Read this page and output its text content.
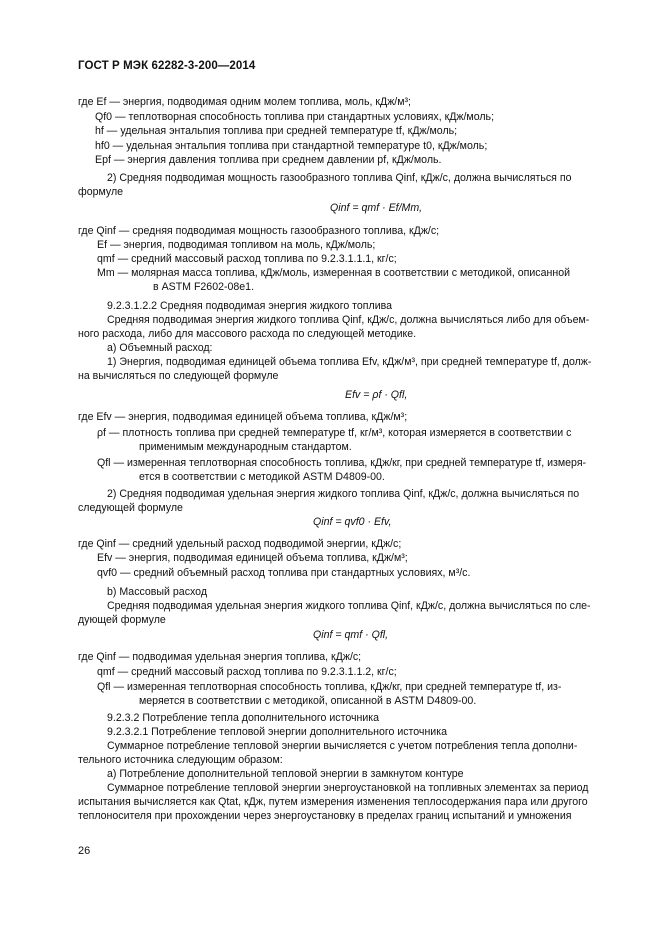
ГОСТ Р МЭК 62282-3-200—2014
где Ef — энергия, подводимая одним молем топлива, моль, кДж/м³;
Qf0 — теплотворная способность топлива при стандартных условиях, кДж/моль;
hf — удельная энтальпия топлива при средней температуре tf, кДж/моль;
hf0 — удельная энтальпия топлива при стандартной температуре t0, кДж/моль;
Epf — энергия давления топлива при среднем давлении pf, кДж/моль.
2) Средняя подводимая мощность газообразного топлива Qinf, кДж/с, должна вычисляться по
формуле
Qinf = qmf · Ef/Mm,
где Qinf — средняя подводимая мощность газообразного топлива, кДж/с;
Ef — энергия, подводимая топливом на моль, кДж/моль;
qmf — средний массовый расход топлива по 9.2.3.1.1.1, кг/с;
Mm — молярная масса топлива, кДж/моль, измеренная в соответствии с методикой, описанной
в ASTM F2602-08e1.
9.2.3.1.2.2 Средняя подводимая энергия жидкого топлива
Средняя подводимая энергия жидкого топлива Qinf, кДж/с, должна вычисляться либо для объем-
ного расхода, либо для массового расхода по следующей методике.
а) Объемный расход:
1) Энергия, подводимая единицей объема топлива Efv, кДж/м³, при средней температуре tf, долж-
на вычисляться по следующей формуле
Efv = ρf · Qfl,
где Efv — энергия, подводимая единицей объема топлива, кДж/м³;
ρf — плотность топлива при средней температуре tf, кг/м³, которая измеряется в соответствии с
применимым международным стандартом.
Qfl — измеренная теплотворная способность топлива, кДж/кг, при средней температуре tf, измеря-
ется в соответствии с методикой ASTM D4809-00.
2) Средняя подводимая удельная энергия жидкого топлива Qinf, кДж/с, должна вычисляться по
следующей формуле
Qinf = qvf0 · Efv,
где Qinf — средний удельный расход подводимой энергии, кДж/с;
Efv — энергия, подводимая единицей объема топлива, кДж/м³;
qvf0 — средний объемный расход топлива при стандартных условиях, м³/с.
b) Массовый расход
Средняя подводимая удельная энергия жидкого топлива Qinf, кДж/с, должна вычисляться по сле-
дующей формуле
Qinf = qmf · Qfl,
где Qinf — подводимая удельная энергия топлива, кДж/с;
qmf — средний массовый расход топлива по 9.2.3.1.1.2, кг/с;
Qfl — измеренная теплотворная способность топлива, кДж/кг, при средней температуре tf, из-
меряется в соответствии с методикой, описанной в ASTM D4809-00.
9.2.3.2 Потребление тепла дополнительного источника
9.2.3.2.1 Потребление тепловой энергии дополнительного источника
Суммарное потребление тепловой энергии вычисляется с учетом потребления тепла дополни-
тельного источника следующим образом:
а) Потребление дополнительной тепловой энергии в замкнутом контуре
Суммарное потребление тепловой энергии энергоустановкой на топливных элементах за период
испытания вычисляется как Qtat, кДж, путем измерения изменения теплосодержания пара или другого
теплоносителя при прохождении через энергоустановку в пределах границ испытаний и умножения
26
